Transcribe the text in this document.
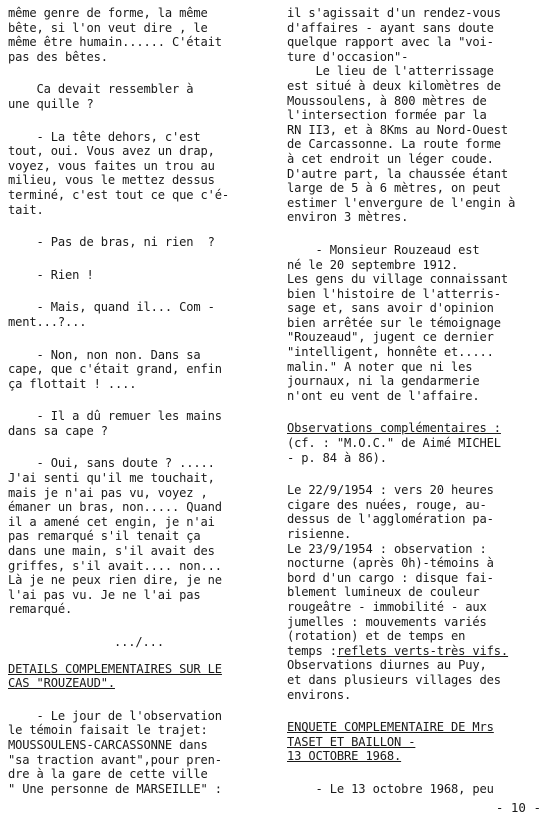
même genre de forme, la même

bête, si l'on veut dire , le

même être humain...... C'était

pas des bêtes.

Ca devait ressembler à

une quille ?

- La tête dehors, c'est

tout, oui. Vous avez un drap,

voyez, vous faites un trou au

milieu, vous le mettez dessus

terminé, c'est tout ce que c'é-

tait.

- Pas de bras, ni rien  ?

- Rien !

- Mais, quand il... Com -

ment...?...

- Non, non non. Dans sa

cape, que c'était grand, enfin

ça flottait ! ....

- Il a dû remuer les mains

dans sa cape ?

- Oui, sans doute ? .....

J'ai senti qu'il me touchait,

mais je n'ai pas vu, voyez ,

émaner un bras, non..... Quand

il a amené cet engin, je n'ai

pas remarqué s'il tenait ça

dans une main, s'il avait des

griffes, s'il avait.... non...

Là je ne peux rien dire, je ne

l'ai pas vu. Je ne l'ai pas

remarqué.

.../...

DETAILS COMPLEMENTAIRES SUR LE

CAS "ROUZEAUD".

- Le jour de l'observation

le témoin faisait le trajet:

MOUSSOULENS-CARCASSONNE dans

"sa traction avant",pour pren-

dre à la gare de cette ville

" Une personne de MARSEILLE" :

il s'agissait d'un rendez-vous

d'affaires - ayant sans doute

quelque rapport avec la "voi-

ture d'occasion"-

Le lieu de l'atterrissage

est situé à deux kilomètres de

Moussoulens, à 800 mètres de

l'intersection formée par la

RN II3, et à 8Kms au Nord-Ouest

de Carcassonne. La route forme

à cet endroit un léger coude.

D'autre part, la chaussée étant

large de 5 à 6 mètres, on peut

estimer l'envergure de l'engin à

environ 3 mètres.

- Monsieur Rouzeaud est

né le 20 septembre 1912.

Les gens du village connaissant

bien l'histoire de l'atterris-

sage et, sans avoir d'opinion

bien arrêtée sur le témoignage

"Rouzeaud", jugent ce dernier

"intelligent, honnête et.....

malin." A noter que ni les

journaux, ni la gendarmerie

n'ont eu vent de l'affaire.

Observations complémentaires :

(cf. : "M.O.C." de Aimé MICHEL

- p. 84 à 86).

Le 22/9/1954 : vers 20 heures

cigare des nuées, rouge, au-

dessus de l'agglomération pa-

risienne.

Le 23/9/1954 : observation :

nocturne (après 0h)-témoins à

bord d'un cargo : disque fai-

blement lumineux de couleur

rougeâtre - immobilité - aux

jumelles : mouvements variés

(rotation) et de temps en

temps :reflets verts-très vifs.

Observations diurnes au Puy,

et dans plusieurs villages des

environs.

ENQUETE COMPLEMENTAIRE DE Mrs

TASET ET BAILLON -

13 OCTOBRE 1968.

- Le 13 octobre 1968, peu

- 10 -
